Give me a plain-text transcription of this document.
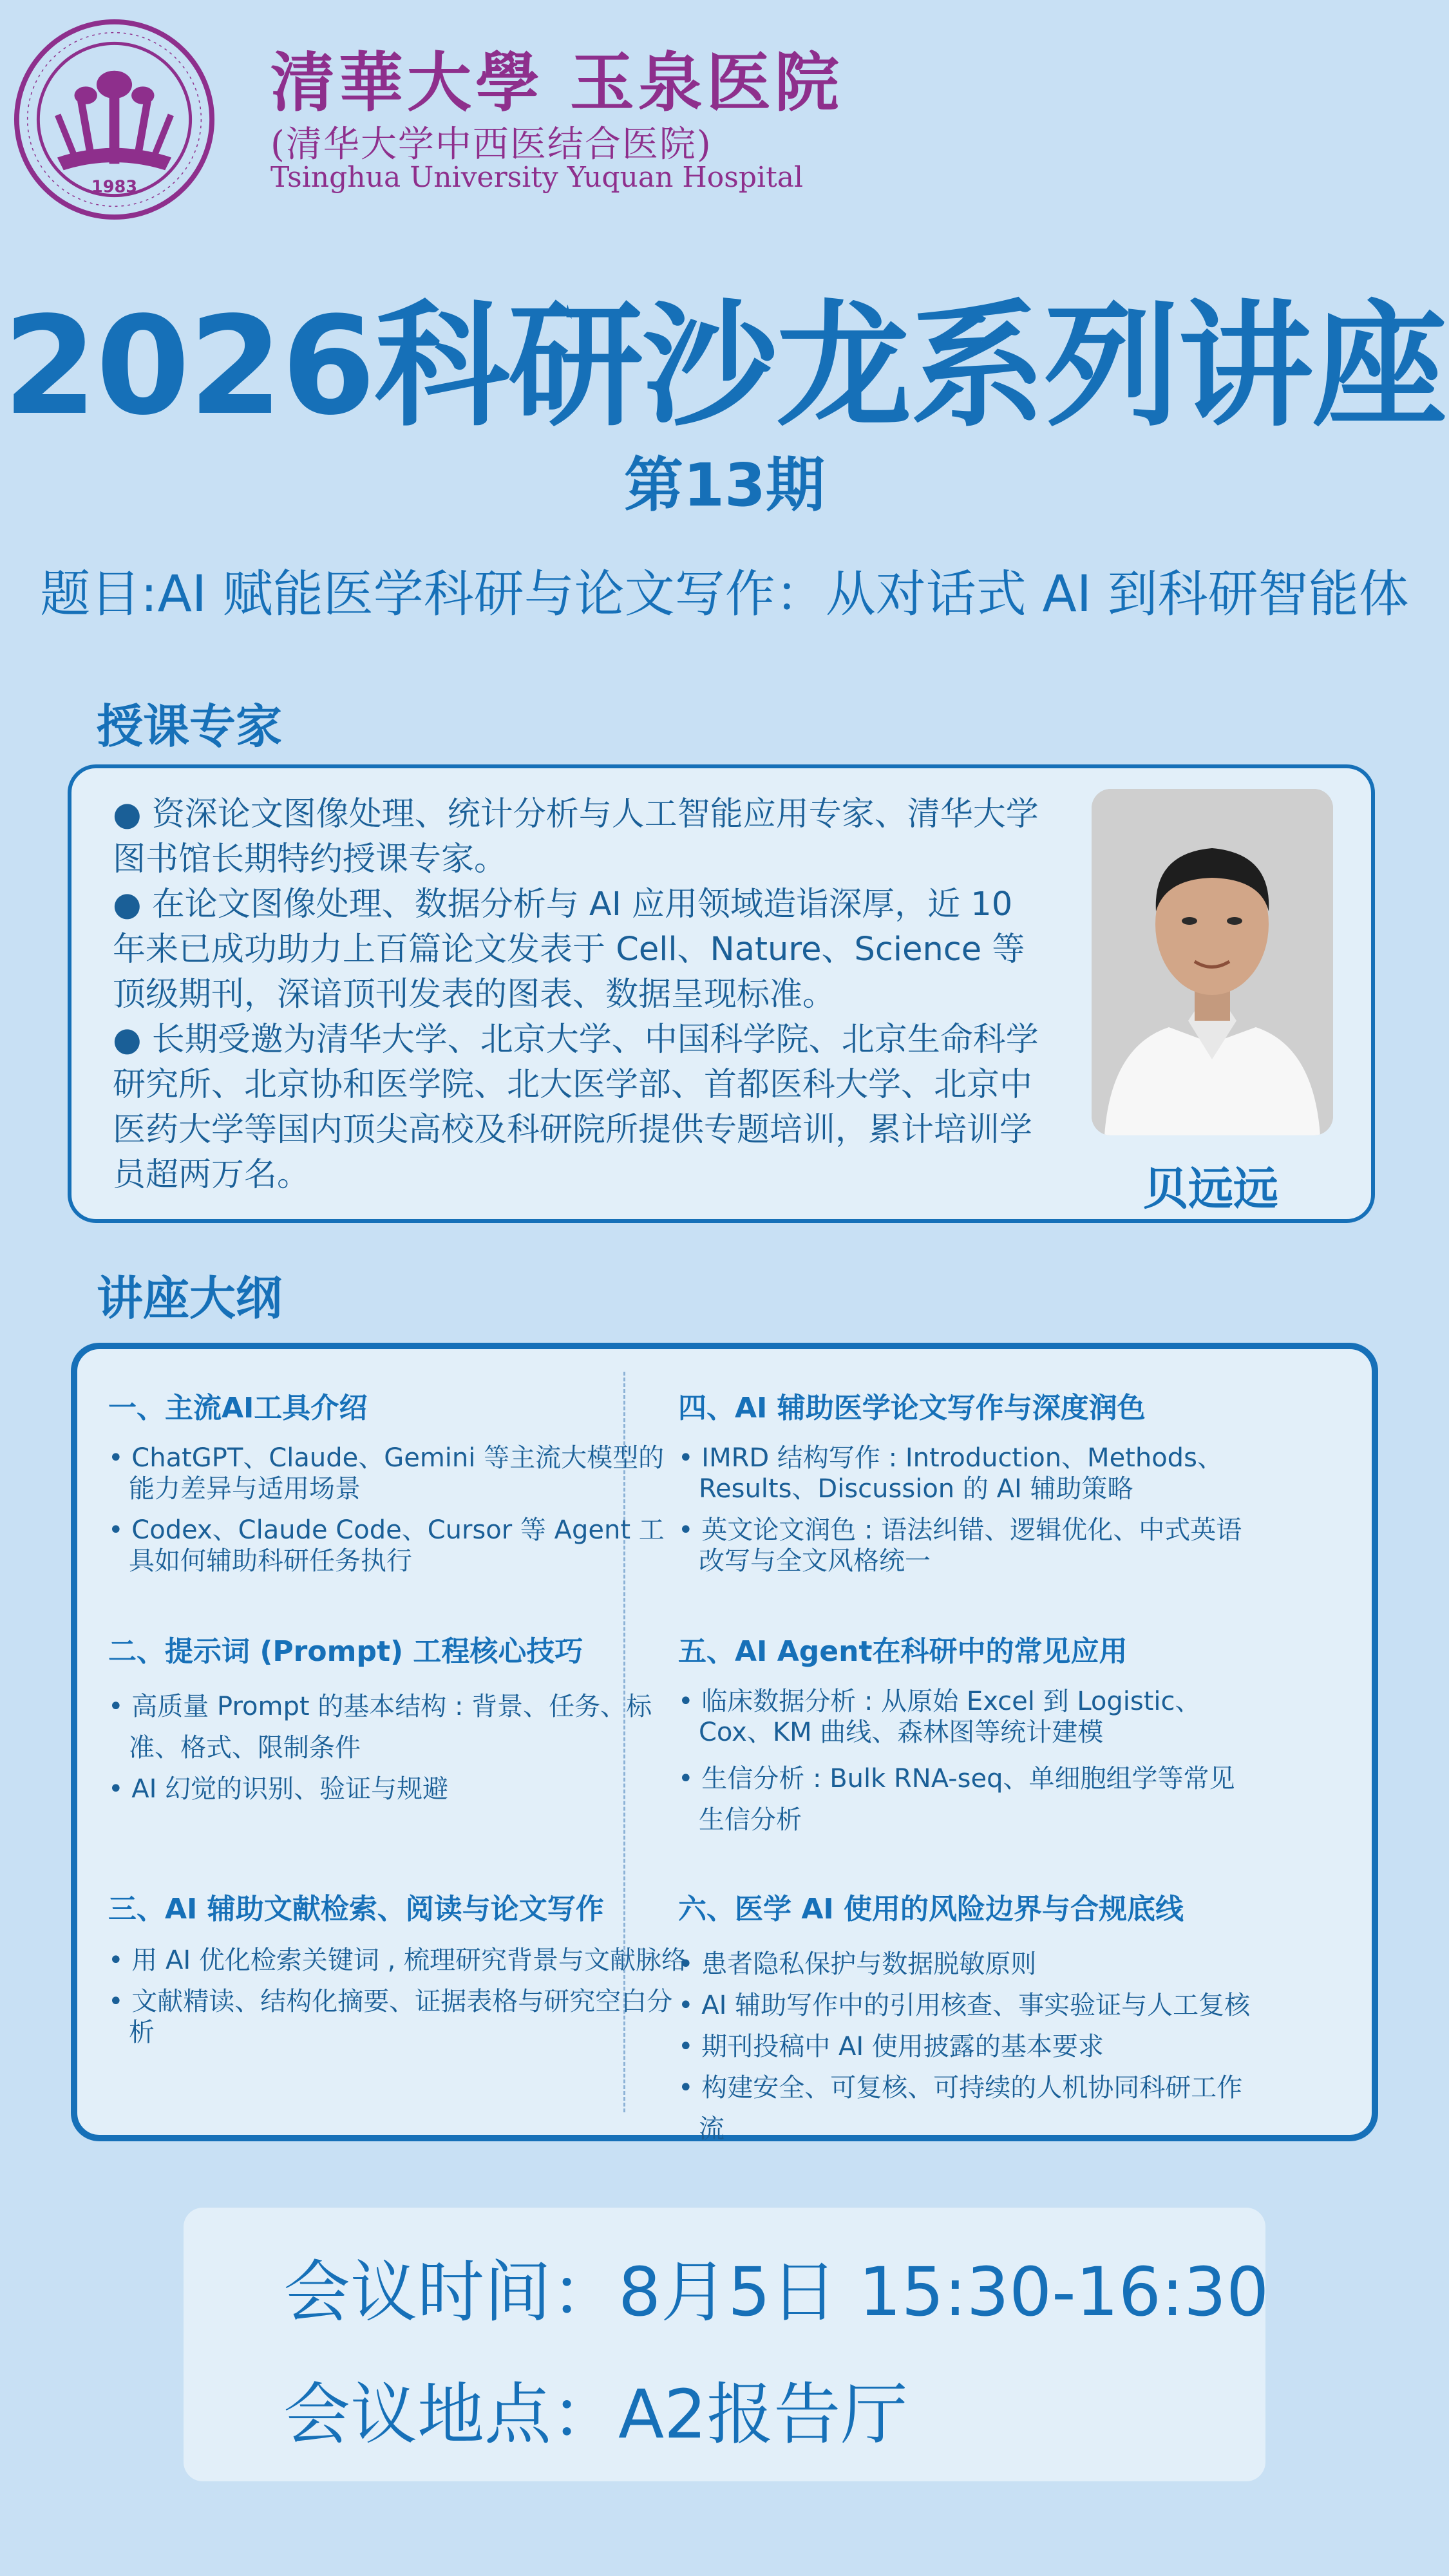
1983
清華大學 玉泉医院
(清华大学中西医结合医院)
Tsinghua University Yuquan Hospital
2026科研沙龙系列讲座
第13期
题目:AI 赋能医学科研与论文写作：从对话式 AI 到科研智能体
授课专家

● 资深论文图像处理、统计分析与人工智能应用专家、清华大学图书馆长期特约授课专家。

● 在论文图像处理、数据分析与 AI 应用领域造诣深厚，近 10 年来已成功助力上百篇论文发表于 Cell、Nature、Science 等顶级期刊，深谙顶刊发表的图表、数据呈现标准。

● 长期受邀为清华大学、北京大学、中国科学院、北京生命科学研究所、北京协和医学院、北大医学部、首都医科大学、北京中医药大学等国内顶尖高校及科研院所提供专题培训，累计培训学员超两万名。	贝远远
讲座大纲

一、主流AI工具介绍

• ChatGPT、Claude、Gemini 等主流大模型的能力差异与适用场景

• Codex、Claude Code、Cursor 等 Agent 工具如何辅助科研任务执行

二、提示词 (Prompt) 工程核心技巧

• 高质量 Prompt 的基本结构 : 背景、任务、标准、格式、限制条件

• AI 幻觉的识别、验证与规避

三、AI 辅助文献检索、阅读与论文写作

• 用 AI 优化检索关键词 , 梳理研究背景与文献脉络

• 文献精读、结构化摘要、证据表格与研究空白分析

四、AI 辅助医学论文写作与深度润色

• IMRD 结构写作 : Introduction、Methods、Results、Discussion 的 AI 辅助策略

• 英文论文润色 : 语法纠错、逻辑优化、中式英语改写与全文风格统一

五、AI Agent在科研中的常见应用

• 临床数据分析 : 从原始 Excel 到 Logistic、Cox、KM 曲线、森林图等统计建模

• 生信分析 : Bulk RNA-seq、单细胞组学等常见生信分析

六、医学 AI 使用的风险边界与合规底线

• 患者隐私保护与数据脱敏原则

• AI 辅助写作中的引用核查、事实验证与人工复核

• 期刊投稿中 AI 使用披露的基本要求

• 构建安全、可复核、可持续的人机协同科研工作流

会议时间：8月5日 15:30-16:30
会议地点：A2报告厅
